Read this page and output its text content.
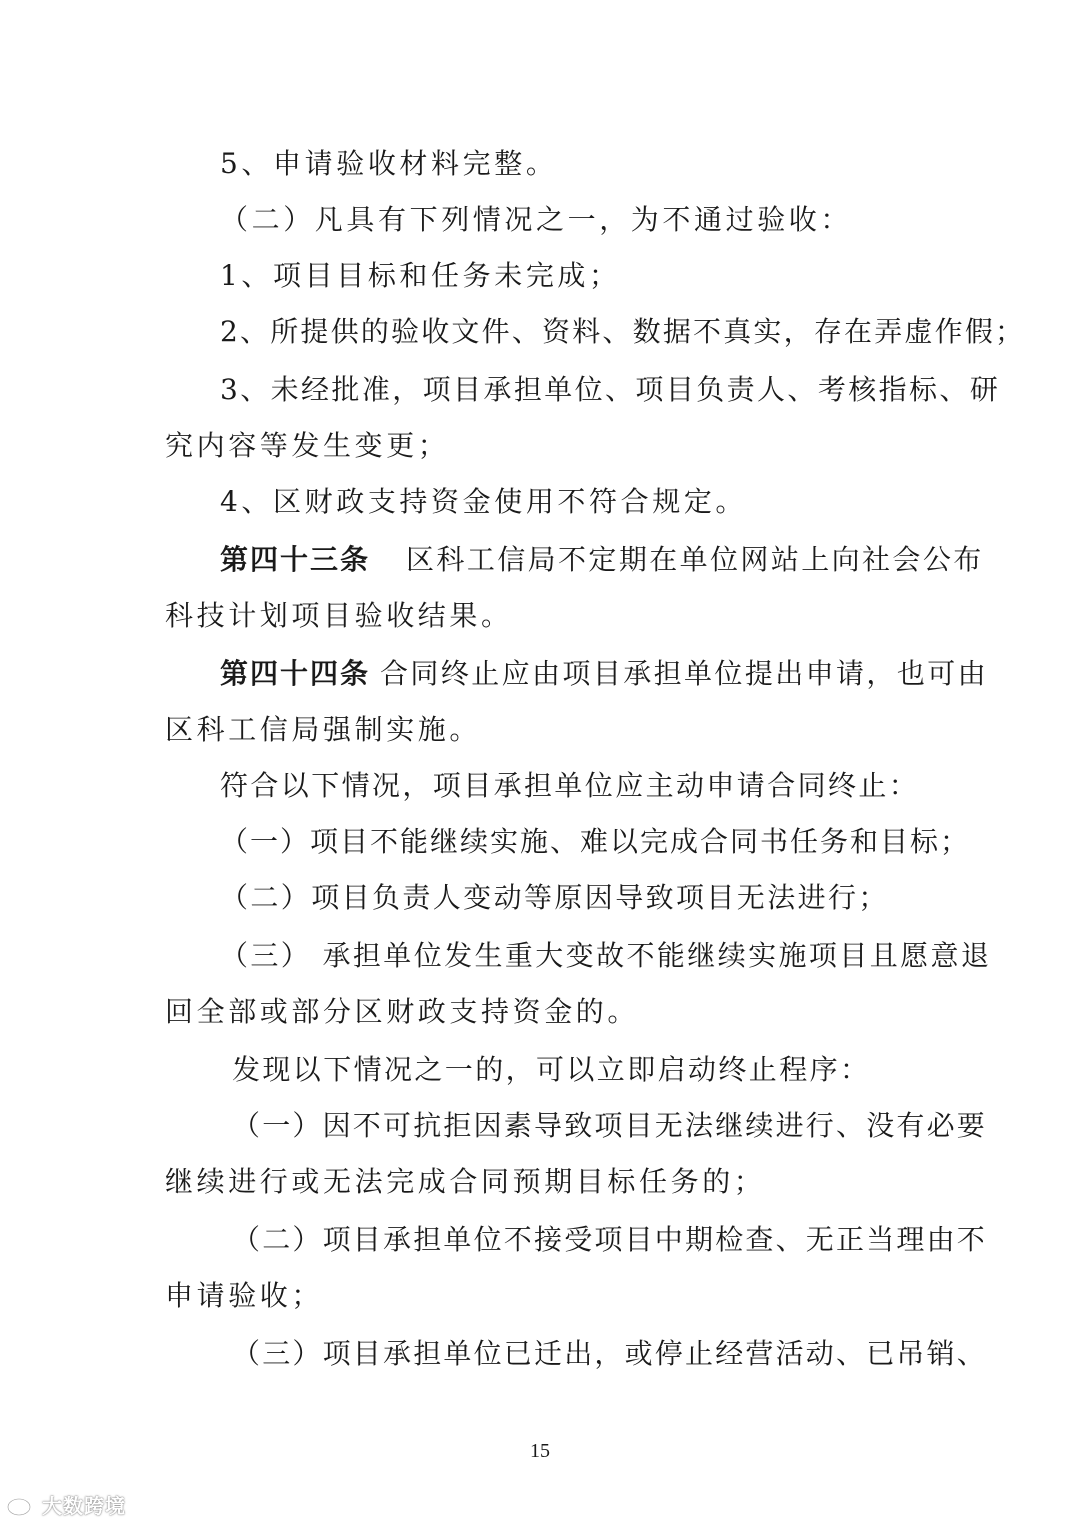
5、申请验收材料完整。
（二）凡具有下列情况之一，为不通过验收：
1、项目目标和任务未完成；
2、所提供的验收文件、资料、数据不真实，存在弄虚作假；
3、未经批准，项目承担单位、项目负责人、考核指标、研
究内容等发生变更；
4、区财政支持资金使用不符合规定。
第四十三条 区科工信局不定期在单位网站上向社会公布
科技计划项目验收结果。
第四十四条 合同终止应由项目承担单位提出申请，也可由
区科工信局强制实施。
符合以下情况，项目承担单位应主动申请合同终止：
（一）项目不能继续实施、难以完成合同书任务和目标；
（二）项目负责人变动等原因导致项目无法进行；
（三） 承担单位发生重大变故不能继续实施项目且愿意退
回全部或部分区财政支持资金的。
发现以下情况之一的，可以立即启动终止程序：
（一）因不可抗拒因素导致项目无法继续进行、没有必要
继续进行或无法完成合同预期目标任务的；
（二）项目承担单位不接受项目中期检查、无正当理由不
申请验收；
（三）项目承担单位已迁出，或停止经营活动、已吊销、
15
大数跨境
